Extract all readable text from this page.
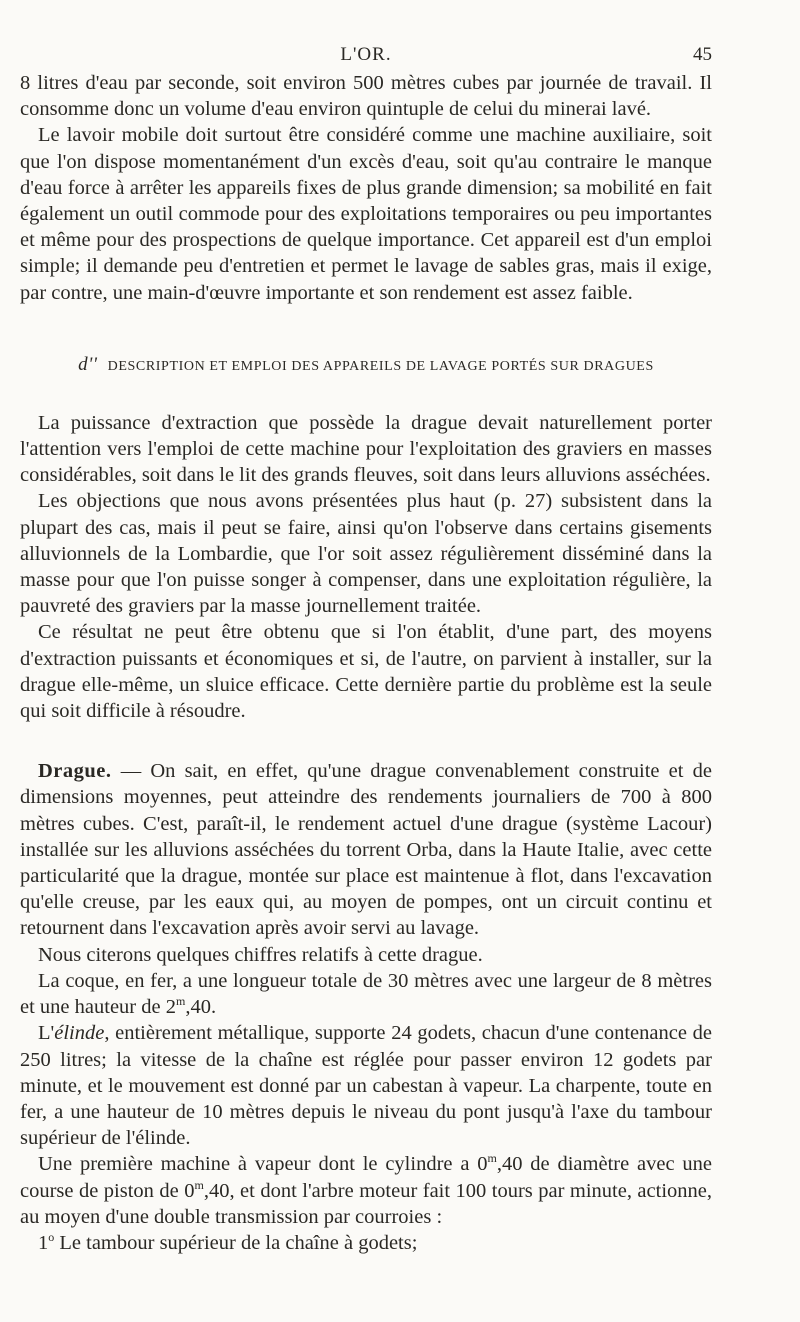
L'OR.	45

8 litres d'eau par seconde, soit environ 500 mètres cubes par journée de travail. Il consomme donc un volume d'eau environ quintuple de celui du minerai lavé.

Le lavoir mobile doit surtout être considéré comme une machine auxiliaire, soit que l'on dispose momentanément d'un excès d'eau, soit qu'au contraire le manque d'eau force à arrêter les appareils fixes de plus grande dimension; sa mobilité en fait également un outil commode pour des exploitations temporaires ou peu importantes et même pour des prospections de quelque importance. Cet appareil est d'un emploi simple; il demande peu d'entretien et permet le lavage de sables gras, mais il exige, par contre, une main-d'œuvre importante et son rendement est assez faible.

d'' DESCRIPTION ET EMPLOI DES APPAREILS DE LAVAGE PORTÉS SUR DRAGUES

La puissance d'extraction que possède la drague devait naturellement porter l'attention vers l'emploi de cette machine pour l'exploitation des graviers en masses considérables, soit dans le lit des grands fleuves, soit dans leurs alluvions asséchées.

Les objections que nous avons présentées plus haut (p. 27) subsistent dans la plupart des cas, mais il peut se faire, ainsi qu'on l'observe dans certains gisements alluvionnels de la Lombardie, que l'or soit assez régulièrement disséminé dans la masse pour que l'on puisse songer à compenser, dans une exploitation régulière, la pauvreté des graviers par la masse journellement traitée.

Ce résultat ne peut être obtenu que si l'on établit, d'une part, des moyens d'extraction puissants et économiques et si, de l'autre, on parvient à installer, sur la drague elle-même, un sluice efficace. Cette dernière partie du problème est la seule qui soit difficile à résoudre.

Drague. — On sait, en effet, qu'une drague convenablement construite et de dimensions moyennes, peut atteindre des rendements journaliers de 700 à 800 mètres cubes. C'est, paraît-il, le rendement actuel d'une drague (système Lacour) installée sur les alluvions asséchées du torrent Orba, dans la Haute Italie, avec cette particularité que la drague, montée sur place est maintenue à flot, dans l'excavation qu'elle creuse, par les eaux qui, au moyen de pompes, ont un circuit continu et retournent dans l'excavation après avoir servi au lavage.

Nous citerons quelques chiffres relatifs à cette drague.

La coque, en fer, a une longueur totale de 30 mètres avec une largeur de 8 mètres et une hauteur de 2$^m$,40.

L'élinde, entièrement métallique, supporte 24 godets, chacun d'une contenance de 250 litres; la vitesse de la chaîne est réglée pour passer environ 12 godets par minute, et le mouvement est donné par un cabestan à vapeur. La charpente, toute en fer, a une hauteur de 10 mètres depuis le niveau du pont jusqu'à l'axe du tambour supérieur de l'élinde.

Une première machine à vapeur dont le cylindre a 0$^m$,40 de diamètre avec une course de piston de 0$^m$,40, et dont l'arbre moteur fait 100 tours par minute, actionne, au moyen d'une double transmission par courroies :

1$^o$ Le tambour supérieur de la chaîne à godets;
